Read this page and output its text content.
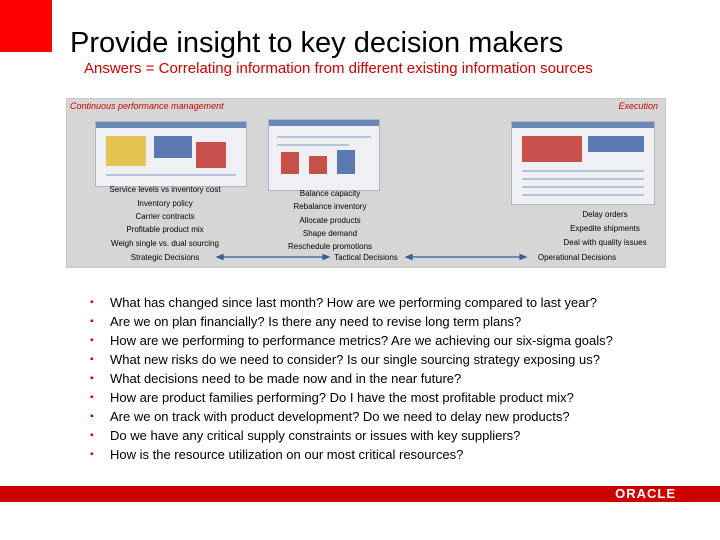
Provide insight to key decision makers
Answers = Correlating information from different existing information sources
Continuous performance management	Execution
Service levels vs inventory cost
Inventory policy
Carrier contracts
Profitable product mix
Weigh single vs. dual sourcing
Strategic Decisions
Balance capacity
Rebalance inventory
Allocate products
Shape demand
Reschedule promotions
Tactical Decisions
Delay orders
Expedite shipments
Deal with quality issues
Operational Decisions
▪ What has changed since last month? How are we performing compared to last year?
▪ Are we on plan financially? Is there any need to revise long term plans?
▪ How are we performing to performance metrics? Are we achieving our six-sigma goals?
▪ What new risks do we need to consider? Is our single sourcing strategy exposing us?
▪ What decisions need to be made now and in the near future?
▪ How are product families performing? Do I have the most profitable product mix?
▪ Are we on track with product development? Do we need to delay new products?
▪ Do we have any critical supply constraints or issues with key suppliers?
▪ How is the resource utilization on our most critical resources?
ORACLE
